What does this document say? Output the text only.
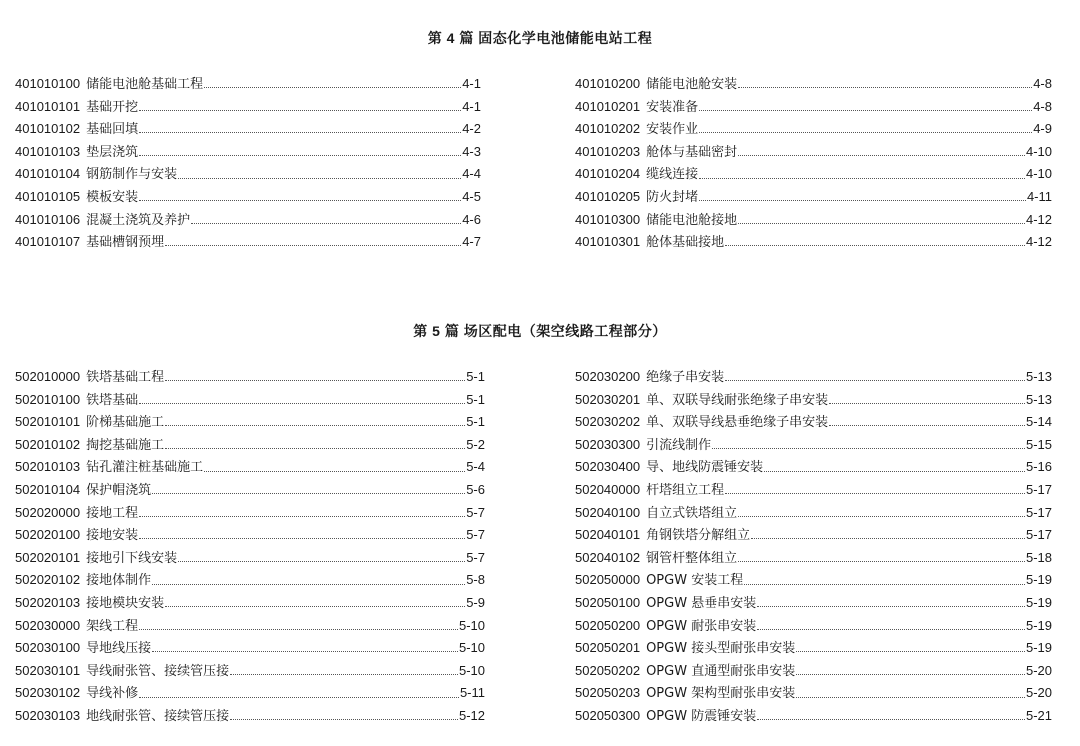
第 4 篇 固态化学电池储能电站工程
401010100 储能电池舱基础工程	4-1
401010101 基础开挖	4-1
401010102 基础回填	4-2
401010103 垫层浇筑	4-3
401010104 钢筋制作与安装	4-4
401010105 模板安装	4-5
401010106 混凝土浇筑及养护	4-6
401010107 基础槽钢预埋	4-7
401010200 储能电池舱安装	4-8
401010201 安装准备	4-8
401010202 安装作业	4-9
401010203 舱体与基础密封	4-10
401010204 缆线连接	4-10
401010205 防火封堵	4-11
401010300 储能电池舱接地	4-12
401010301 舱体基础接地	4-12
第 5 篇 场区配电（架空线路工程部分）
502010000 铁塔基础工程	5-1
502010100 铁塔基础	5-1
502010101 阶梯基础施工	5-1
502010102 掏挖基础施工	5-2
502010103 钻孔灌注桩基础施工	5-4
502010104 保护帽浇筑	5-6
502020000 接地工程	5-7
502020100 接地安装	5-7
502020101 接地引下线安装	5-7
502020102 接地体制作	5-8
502020103 接地模块安装	5-9
502030000 架线工程	5-10
502030100 导地线压接	5-10
502030101 导线耐张管、接续管压接	5-10
502030102 导线补修	5-11
502030103 地线耐张管、接续管压接	5-12
502030200 绝缘子串安装	5-13
502030201 单、双联导线耐张绝缘子串安装	5-13
502030202 单、双联导线悬垂绝缘子串安装	5-14
502030300 引流线制作	5-15
502030400 导、地线防震锤安装	5-16
502040000 杆塔组立工程	5-17
502040100 自立式铁塔组立	5-17
502040101 角钢铁塔分解组立	5-17
502040102 钢管杆整体组立	5-18
502050000 OPGW 安装工程	5-19
502050100 OPGW 悬垂串安装	5-19
502050200 OPGW 耐张串安装	5-19
502050201 OPGW 接头型耐张串安装	5-19
502050202 OPGW 直通型耐张串安装	5-20
502050203 OPGW 架构型耐张串安装	5-20
502050300 OPGW 防震锤安装	5-21
